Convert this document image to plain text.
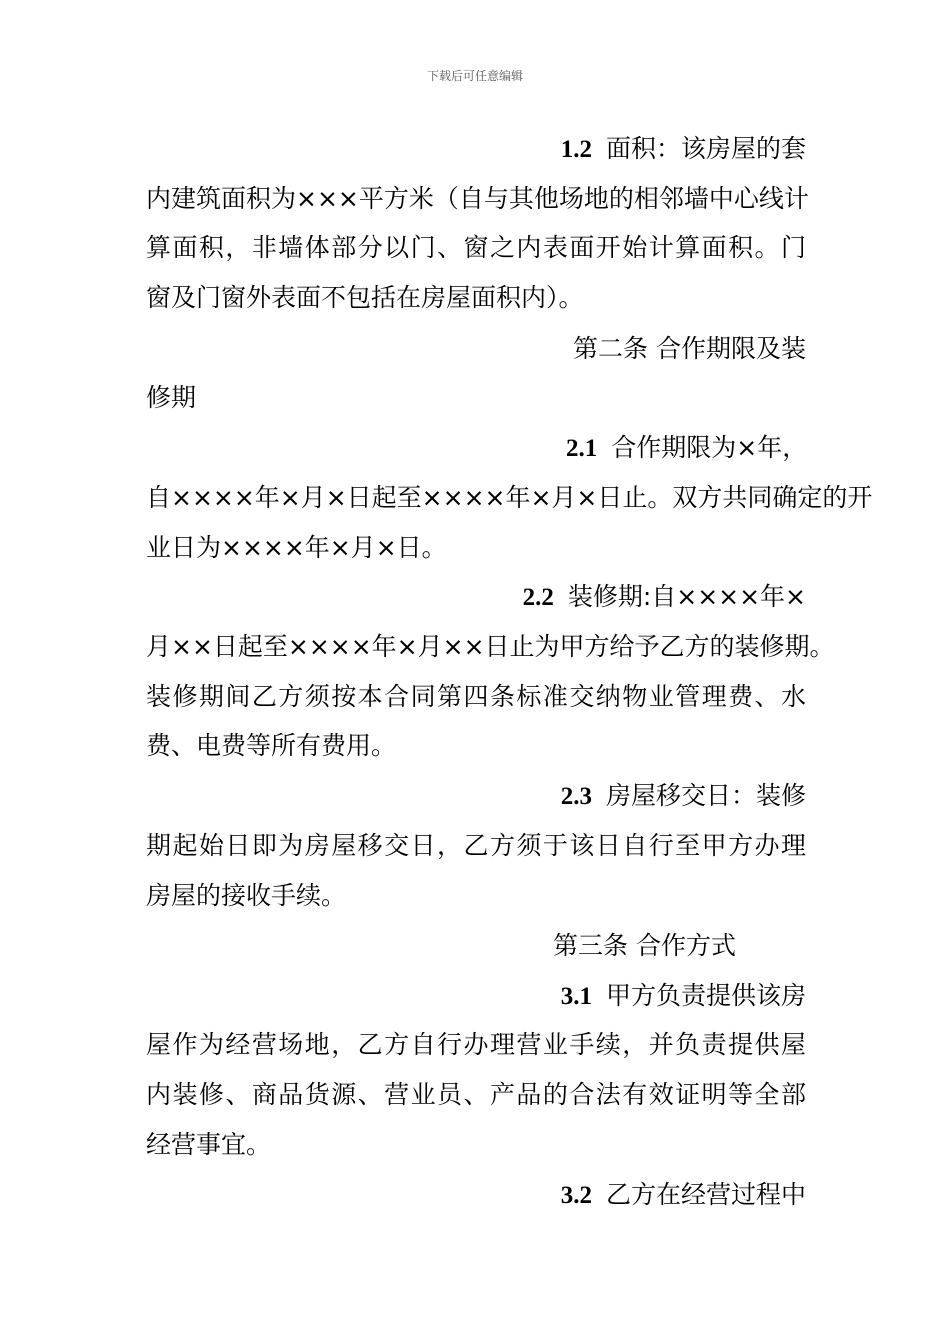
下载后可任意编辑
1.2 面积：该房屋的套
内建筑面积为×××平方米（自与其他场地的相邻墙中心线计
算面积，非墙体部分以门、窗之内表面开始计算面积。门
窗及门窗外表面不包括在房屋面积内）。
第二条 合作期限及装
修期
2.1 合作期限为×年，
自××××年×月×日起至××××年×月×日止。双方共同确定的开
业日为××××年×月×日。
2.2 装修期:自××××年×
月××日起至××××年×月××日止为甲方给予乙方的装修期。
装修期间乙方须按本合同第四条标准交纳物业管理费、水
费、电费等所有费用。
2.3 房屋移交日：装修
期起始日即为房屋移交日，乙方须于该日自行至甲方办理
房屋的接收手续。
第三条 合作方式
3.1 甲方负责提供该房
屋作为经营场地，乙方自行办理营业手续，并负责提供屋
内装修、商品货源、营业员、产品的合法有效证明等全部
经营事宜。
3.2 乙方在经营过程中
